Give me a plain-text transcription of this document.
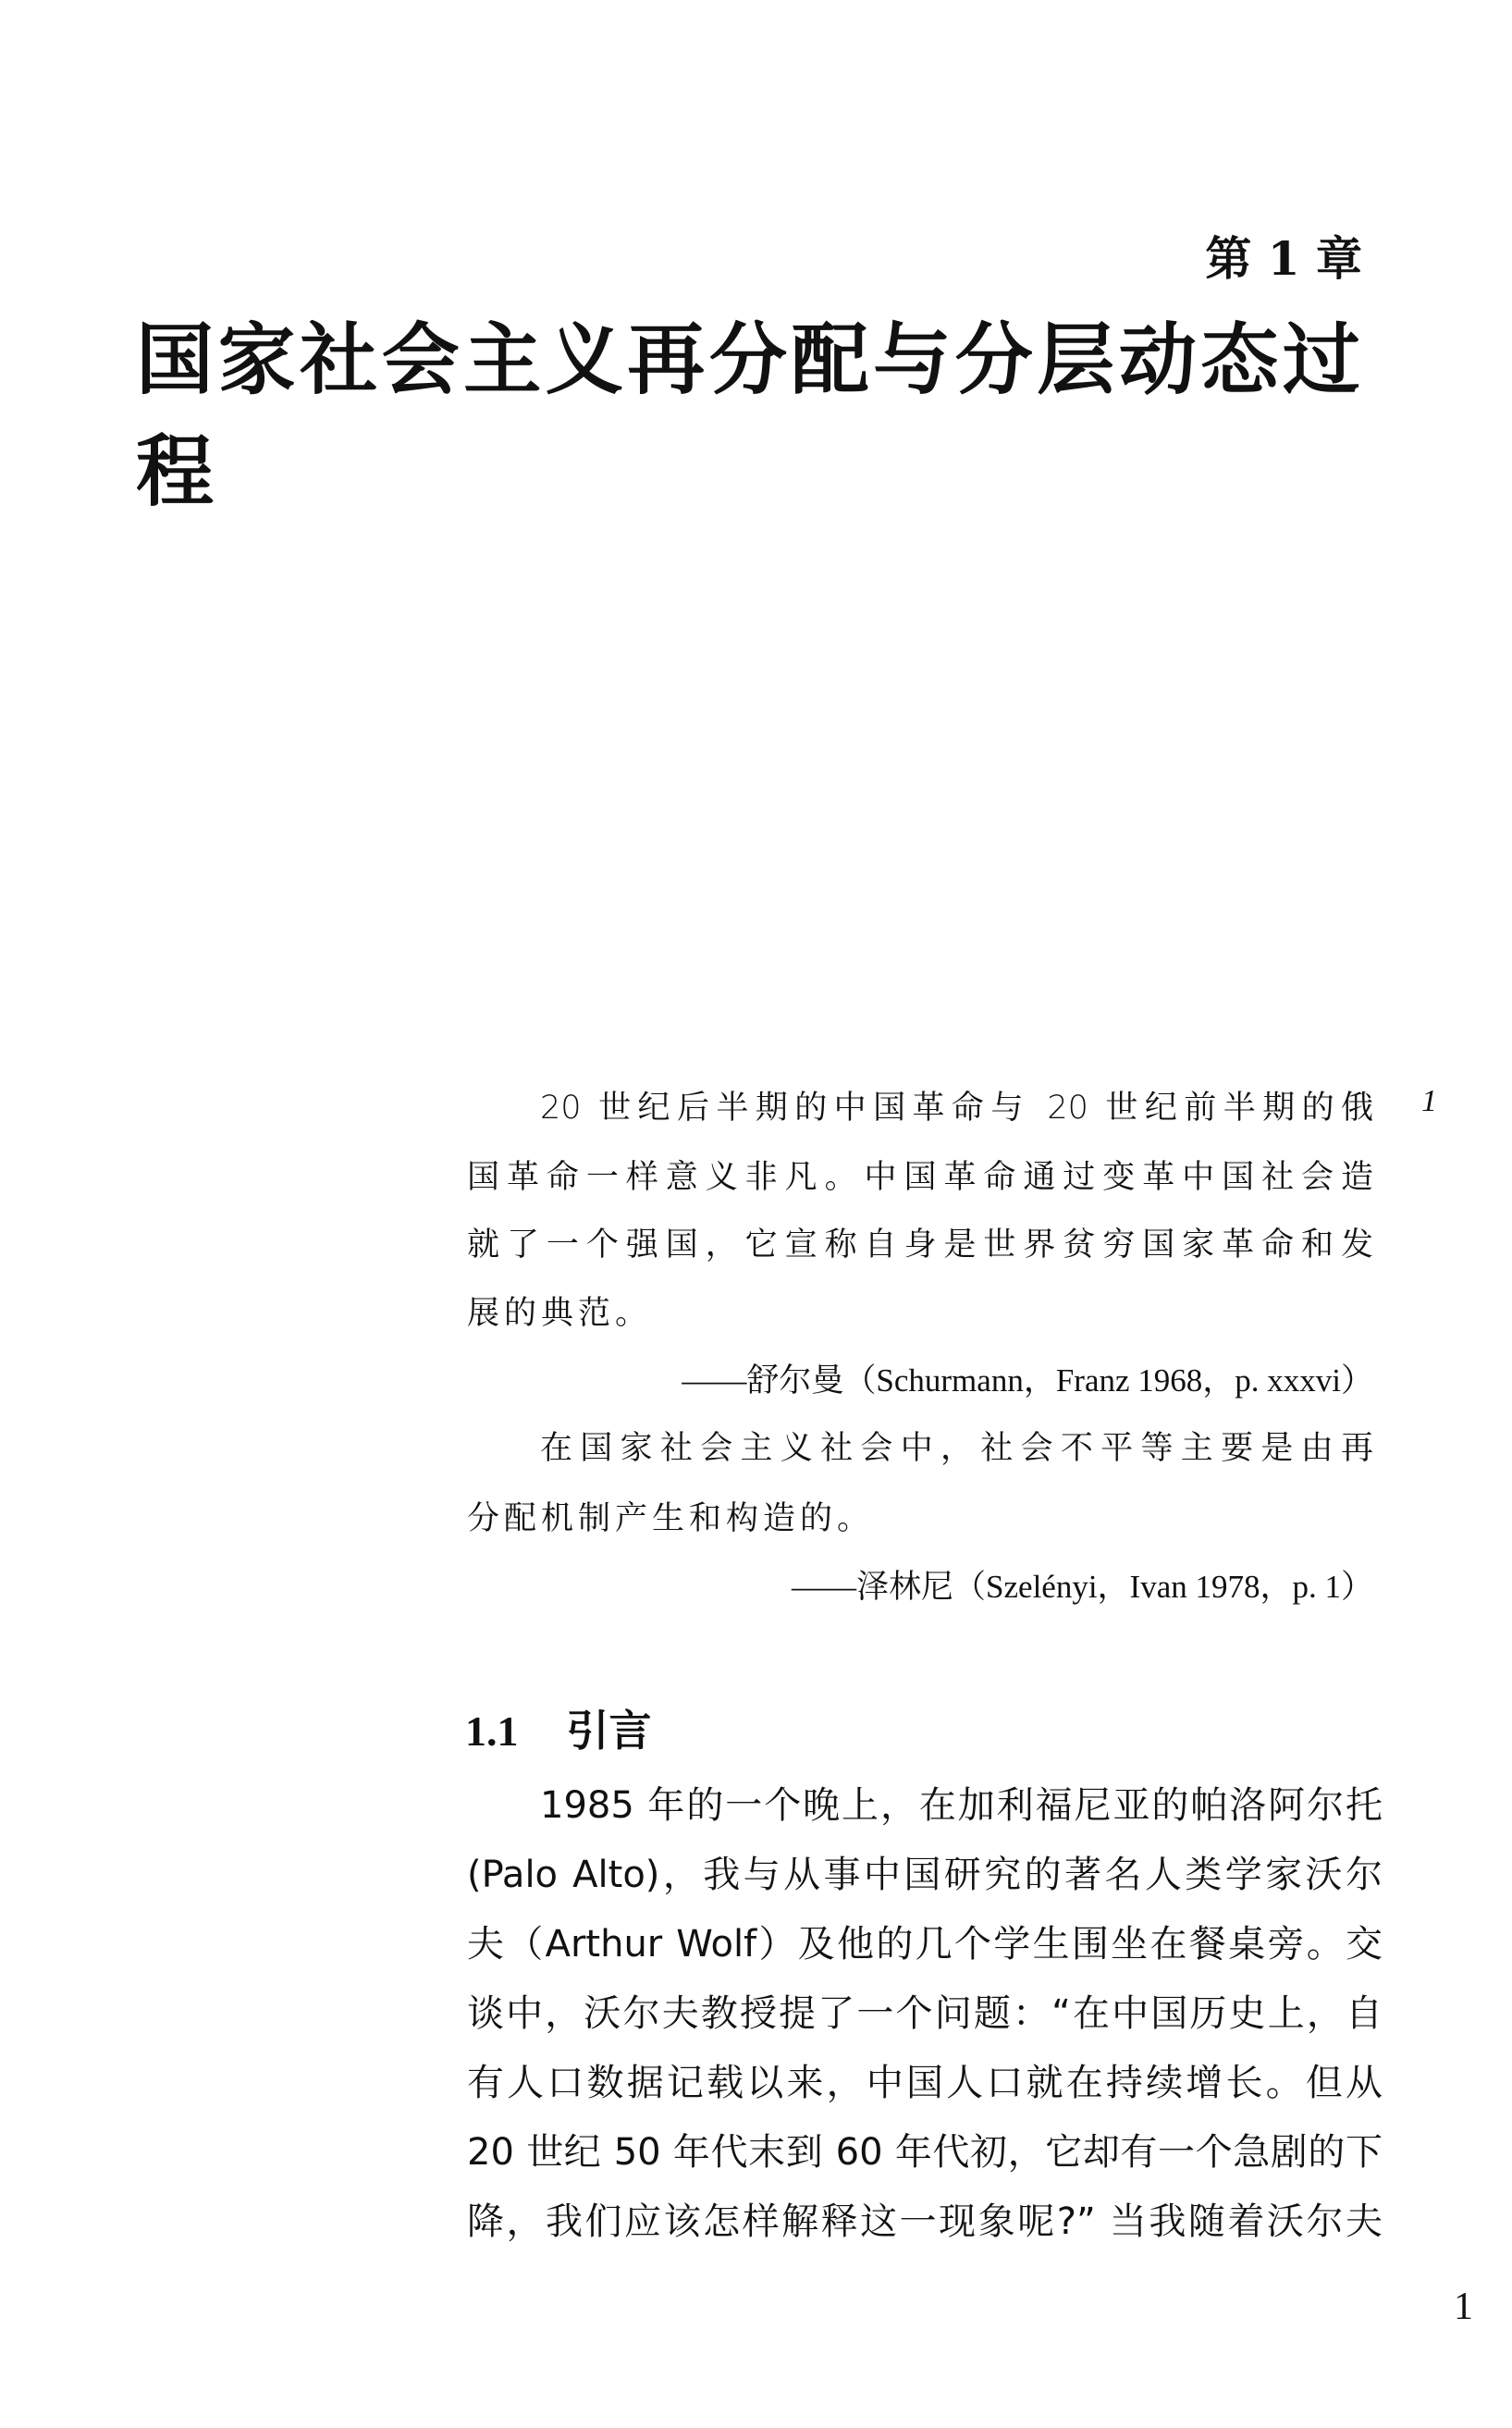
第 1 章
国家社会主义再分配与分层动态过程
20 世纪后半期的中国革命与 20 世纪前半期的俄
国革命一样意义非凡。中国革命通过变革中国社会造
就了一个强国，它宣称自身是世界贫穷国家革命和发
展的典范。
——舒尔曼（Schurmann，Franz 1968，p. xxxvi）
在国家社会主义社会中，社会不平等主要是由再
分配机制产生和构造的。
——泽林尼（Szelényi，Ivan 1978，p. 1）
1
1.1 引言
1985 年的一个晚上，在加利福尼亚的帕洛阿尔托
(Palo Alto)，我与从事中国研究的著名人类学家沃尔
夫（Arthur Wolf）及他的几个学生围坐在餐桌旁。交
谈中，沃尔夫教授提了一个问题：“在中国历史上，自
有人口数据记载以来，中国人口就在持续增长。但从
20 世纪 50 年代末到 60 年代初，它却有一个急剧的下
降，我们应该怎样解释这一现象呢?” 当我随着沃尔夫
1
